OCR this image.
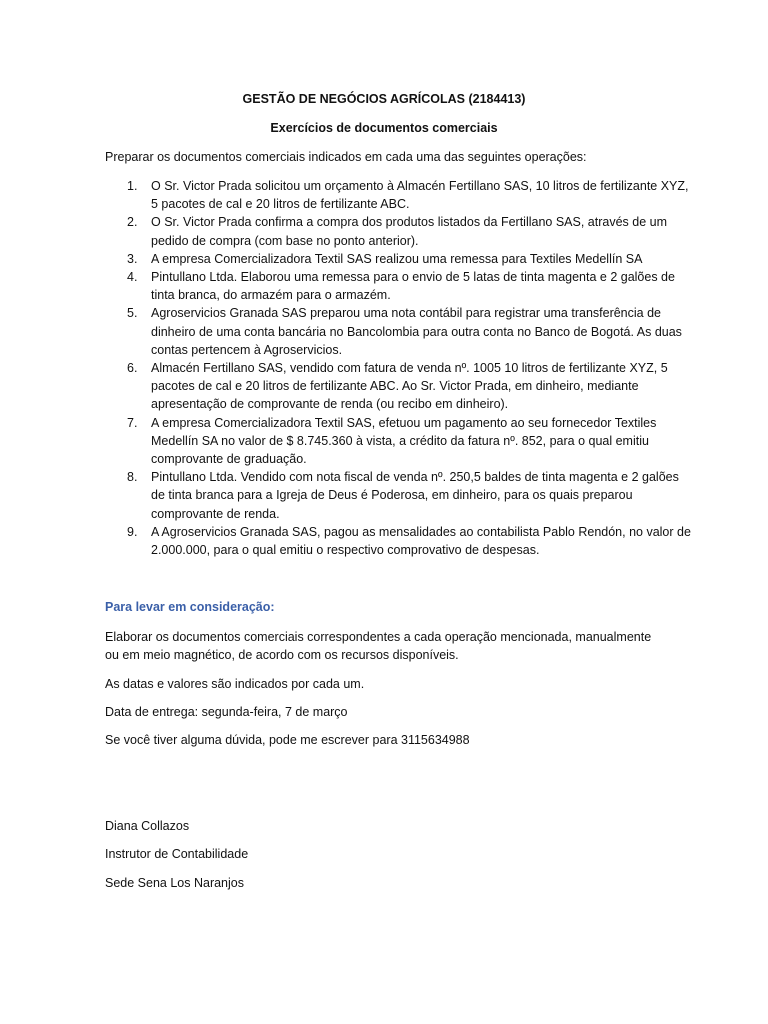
GESTÃO DE NEGÓCIOS AGRÍCOLAS (2184413)
Exercícios de documentos comerciais
Preparar os documentos comerciais indicados em cada uma das seguintes operações:
1. O Sr. Victor Prada solicitou um orçamento à Almacén Fertillano SAS, 10 litros de fertilizante XYZ, 5 pacotes de cal e 20 litros de fertilizante ABC.
2. O Sr. Victor Prada confirma a compra dos produtos listados da Fertillano SAS, através de um pedido de compra (com base no ponto anterior).
3. A empresa Comercializadora Textil SAS realizou uma remessa para Textiles Medellín SA
4. Pintullano Ltda. Elaborou uma remessa para o envio de 5 latas de tinta magenta e 2 galões de tinta branca, do armazém para o armazém.
5. Agroservicios Granada SAS preparou uma nota contábil para registrar uma transferência de dinheiro de uma conta bancária no Bancolombia para outra conta no Banco de Bogotá. As duas contas pertencem à Agroservicios.
6. Almacén Fertillano SAS, vendido com fatura de venda nº. 1005 10 litros de fertilizante XYZ, 5 pacotes de cal e 20 litros de fertilizante ABC. Ao Sr. Victor Prada, em dinheiro, mediante apresentação de comprovante de renda (ou recibo em dinheiro).
7. A empresa Comercializadora Textil SAS, efetuou um pagamento ao seu fornecedor Textiles Medellín SA no valor de $ 8.745.360 à vista, a crédito da fatura nº. 852, para o qual emitiu comprovante de graduação.
8. Pintullano Ltda. Vendido com nota fiscal de venda nº. 250,5 baldes de tinta magenta e 2 galões de tinta branca para a Igreja de Deus é Poderosa, em dinheiro, para os quais preparou comprovante de renda.
9. A Agroservicios Granada SAS, pagou as mensalidades ao contabilista Pablo Rendón, no valor de 2.000.000, para o qual emitiu o respectivo comprovativo de despesas.
Para levar em consideração:
Elaborar os documentos comerciais correspondentes a cada operação mencionada, manualmente ou em meio magnético, de acordo com os recursos disponíveis.
As datas e valores são indicados por cada um.
Data de entrega: segunda-feira, 7 de março
Se você tiver alguma dúvida, pode me escrever para 3115634988
Diana Collazos
Instrutor de Contabilidade
Sede Sena Los Naranjos
